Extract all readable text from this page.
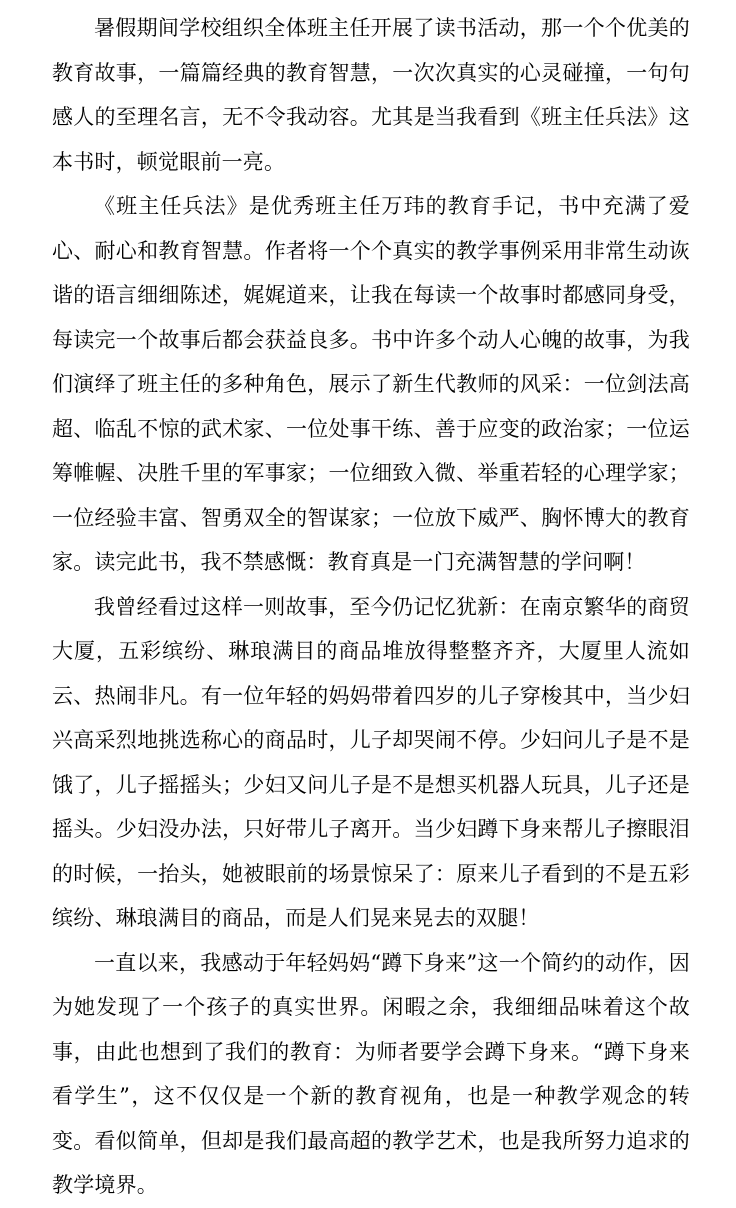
暑假期间学校组织全体班主任开展了读书活动，那一个个优美的教育故事，一篇篇经典的教育智慧，一次次真实的心灵碰撞，一句句感人的至理名言，无不令我动容。尤其是当我看到《班主任兵法》这本书时，顿觉眼前一亮。

《班主任兵法》是优秀班主任万玮的教育手记，书中充满了爱心、耐心和教育智慧。作者将一个个真实的教学事例采用非常生动诙谐的语言细细陈述，娓娓道来，让我在每读一个故事时都感同身受，每读完一个故事后都会获益良多。书中许多个动人心魄的故事，为我们演绎了班主任的多种角色，展示了新生代教师的风采：一位剑法高超、临乱不惊的武术家、一位处事干练、善于应变的政治家；一位运筹帷幄、决胜千里的军事家；一位细致入微、举重若轻的心理学家；一位经验丰富、智勇双全的智谋家；一位放下威严、胸怀博大的教育家。读完此书，我不禁感慨：教育真是一门充满智慧的学问啊！

我曾经看过这样一则故事，至今仍记忆犹新：在南京繁华的商贸大厦，五彩缤纷、琳琅满目的商品堆放得整整齐齐，大厦里人流如云、热闹非凡。有一位年轻的妈妈带着四岁的儿子穿梭其中，当少妇兴高采烈地挑选称心的商品时，儿子却哭闹不停。少妇问儿子是不是饿了，儿子摇摇头；少妇又问儿子是不是想买机器人玩具，儿子还是摇头。少妇没办法，只好带儿子离开。当少妇蹲下身来帮儿子擦眼泪的时候，一抬头，她被眼前的场景惊呆了：原来儿子看到的不是五彩缤纷、琳琅满目的商品，而是人们晃来晃去的双腿！

一直以来，我感动于年轻妈妈“蹲下身来”这一个简约的动作，因为她发现了一个孩子的真实世界。闲暇之余，我细细品味着这个故事，由此也想到了我们的教育：为师者要学会蹲下身来。“蹲下身来看学生”，这不仅仅是一个新的教育视角，也是一种教学观念的转变。看似简单，但却是我们最高超的教学艺术，也是我所努力追求的教学境界。
